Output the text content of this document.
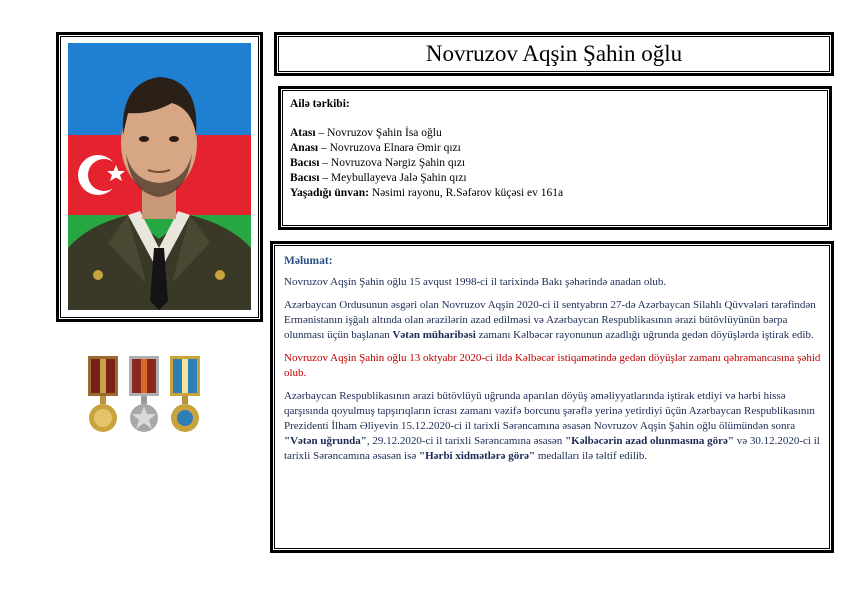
Novruzov Aqşin Şahin oğlu
Ailə tərkibi:
Atası – Novruzov Şahin İsa oğlu
Anası – Novruzova Elnarə Əmir qızı
Bacısı – Novruzova Nərgiz Şahin qızı
Bacısı – Meybullayeva Jalə Şahin qızı
Yaşadığı ünvan: Nəsimi rayonu, R.Səfərov küçəsi ev 161a
Məlumat:

Novruzov Aqşin Şahin oğlu 15 avqust 1998-ci il tarixində Bakı şəhərində anadan olub.

Azərbaycan Ordusunun əsgəri olan Novruzov Aqşin 2020-ci il sentyabrın 27-də Azərbaycan Silahlı Qüvvələri tərəfindən Ermənistanın işğalı altında olan ərazilərin azad edilməsi və Azərbaycan Respublikasının ərazi bütövlüyünün bərpa olunması üçün başlanan Vətən müharibəsi zamanı Kəlbəcər rayonunun azadlığı uğrunda gedən döyüşlərdə iştirak edib.

Novruzov Aqşin Şahin oğlu 13 oktyabr 2020-ci ildə Kəlbəcər istiqamətində gedən döyüşlər zamanı qəhrəmancasına şəhid olub.

Azərbaycan Respublikasının ərazi bütövlüyü uğrunda aparılan döyüş əməliyyatlarında iştirak etdiyi və hərbi hissə qarşısında qoyulmuş tapşırıqların icrası zamanı vəzifə borcunu şərəflə yerinə yetirdiyi üçün Azərbaycan Respublikasının Prezidenti İlham Əliyevin 15.12.2020-ci il tarixli Sərəncamına əsasən Novruzov Aqşin Şahin oğlu ölümündən sonra "Vətən uğrunda", 29.12.2020-ci il tarixli Sərəncamına əsasən "Kəlbəcərin azad olunmasına görə" və 30.12.2020-ci il tarixli Sərəncamına əsasən isə "Hərbi xidmətlərə görə" medalları ilə təltif edilib.
